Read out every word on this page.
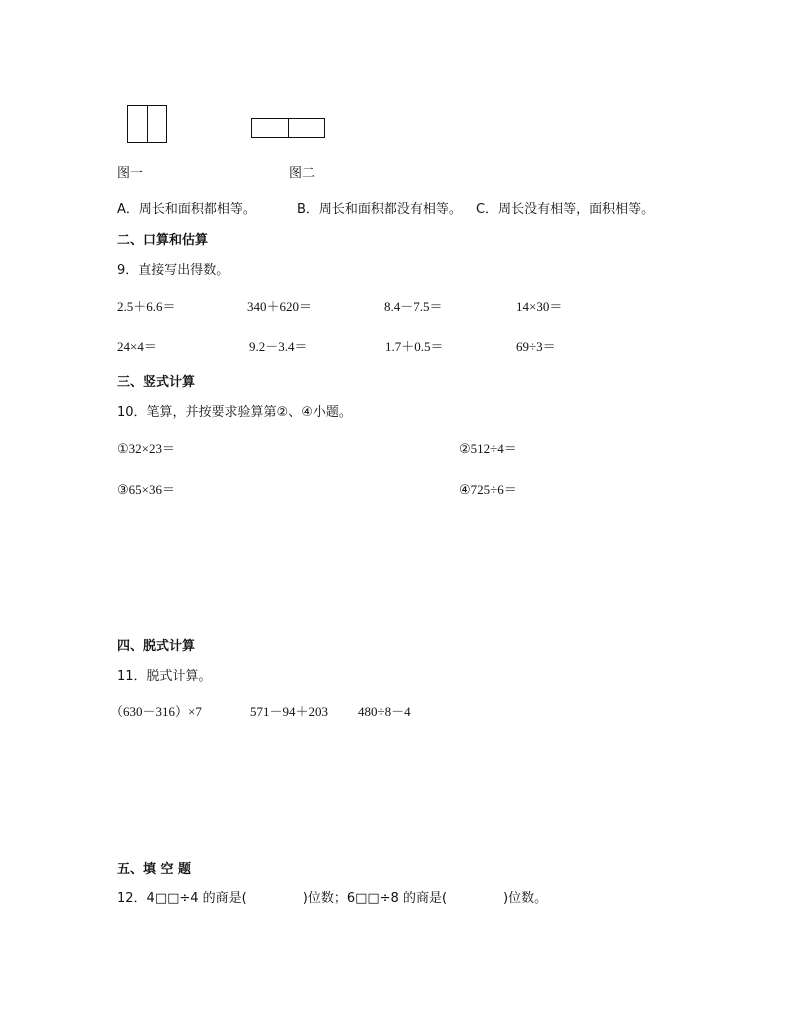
图一	图二
A．周长和面积都相等。	B．周长和面积都没有相等。 C．周长没有相等，面积相等。
二、口算和估算
9．直接写出得数。
2.5＋6.6＝	340＋620＝	8.4－7.5＝	14×30＝
24×4＝	9.2－3.4＝	1.7＋0.5＝	69÷3＝
三、竖式计算
10．笔算，并按要求验算第②、④小题。
①32×23＝	②512÷4＝
③65×36＝	④725÷6＝
四、脱式计算
11．脱式计算。
（630－316）×7	571－94＋203 480÷8－4
五、填 空 题
12．4□□÷4 的商是(	)位数；6□□÷8 的商是(	)位数。
